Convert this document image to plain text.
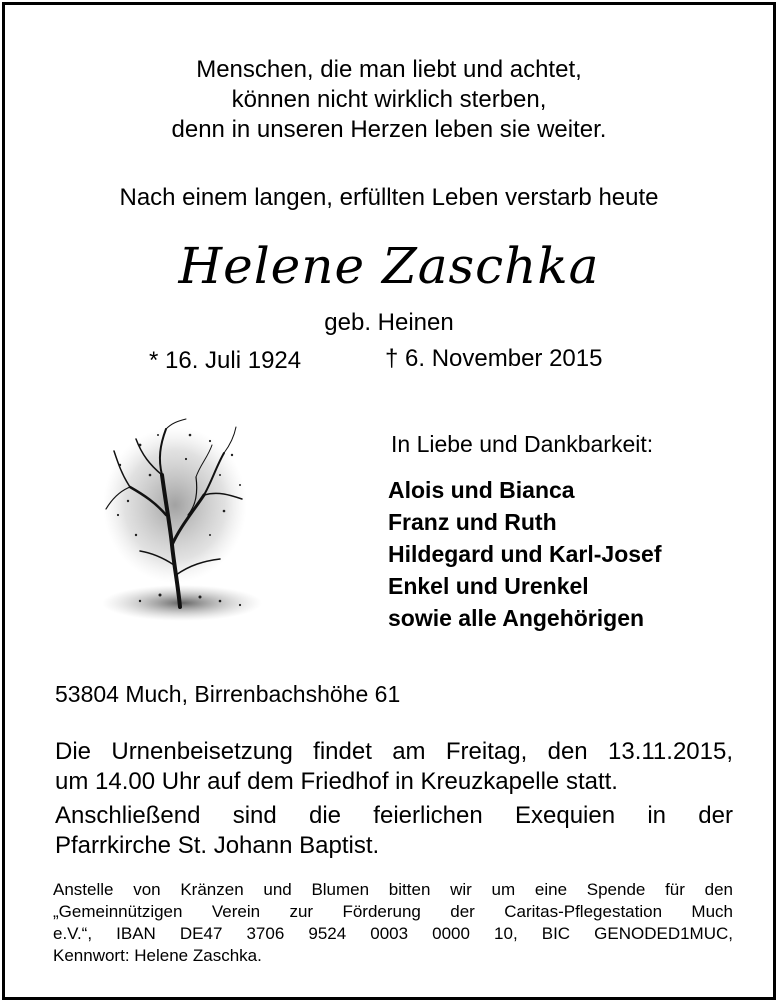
Menschen, die man liebt und achtet,
können nicht wirklich sterben,
denn in unseren Herzen leben sie weiter.
Nach einem langen, erfüllten Leben verstarb heute
Helene Zaschka
geb. Heinen
* 16. Juli 1924	† 6. November 2015
In Liebe und Dankbarkeit:
Alois und Bianca
Franz und Ruth
Hildegard und Karl-Josef
Enkel und Urenkel
sowie alle Angehörigen
53804 Much, Birrenbachshöhe 61

Die Urnenbeisetzung findet am Freitag, den 13.11.2015,

um 14.00 Uhr auf dem Friedhof in Kreuzkapelle statt.

Anschließend sind die feierlichen Exequien in der

Pfarrkirche St. Johann Baptist.

Anstelle von Kränzen und Blumen bitten wir um eine Spende für den
„Gemeinnützigen Verein zur Förderung der Caritas-Pflegestation Much
e.V.“, IBAN DE47 3706 9524 0003 0000 10, BIC GENODED1MUC,
Kennwort: Helene Zaschka.
